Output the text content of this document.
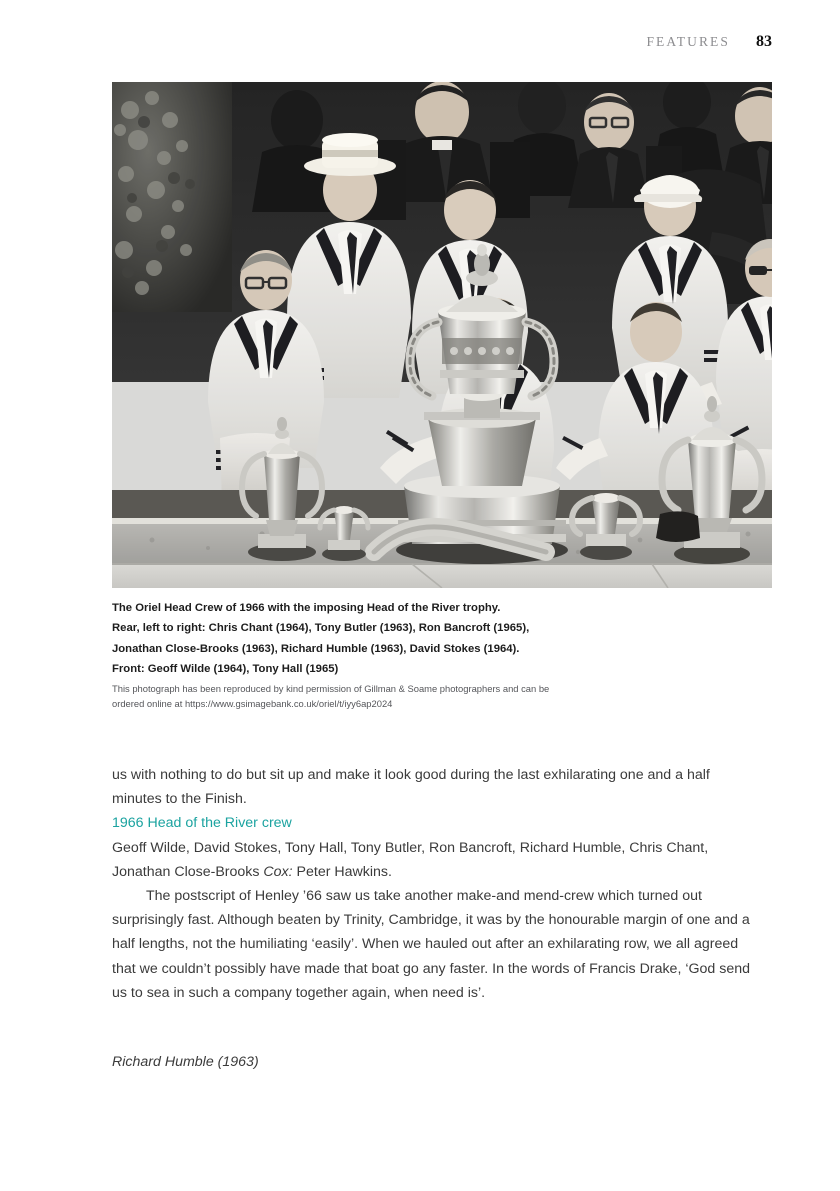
FEATURES 83
The Oriel Head Crew of 1966 with the imposing Head of the River trophy.
Rear, left to right: Chris Chant (1964), Tony Butler (1963), Ron Bancroft (1965),
Jonathan Close-Brooks (1963), Richard Humble (1963), David Stokes (1964).
Front: Geoff Wilde (1964), Tony Hall (1965)
This photograph has been reproduced by kind permission of Gillman & Soame photographers and can be
ordered online at https://www.gsimagebank.co.uk/oriel/t/iyy6ap2024

us with nothing to do but sit up and make it look good during the last exhilarating one and a half minutes to the Finish.

1966 Head of the River crew

Geoff Wilde, David Stokes, Tony Hall, Tony Butler, Ron Bancroft, Richard Humble, Chris Chant, Jonathan Close-Brooks Cox: Peter Hawkins.

The postscript of Henley ’66 saw us take another make-and mend-crew which turned out surprisingly fast. Although beaten by Trinity, Cambridge, it was by the honourable margin of one and a half lengths, not the humiliating ‘easily’. When we hauled out after an exhilarating row, we all agreed that we couldn’t possibly have made that boat go any faster. In the words of Francis Drake, ‘God send us to sea in such a company together again, when need is’.

Richard Humble (1963)
